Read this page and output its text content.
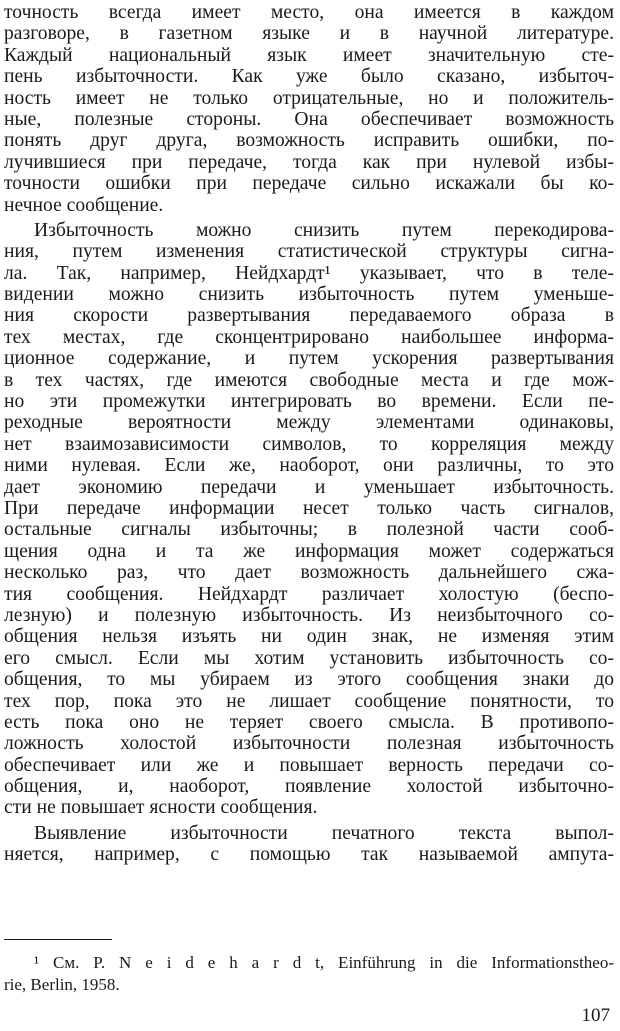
точность всегда имеет место, она имеется в каждом
разговоре, в газетном языке и в научной литературе.
Каждый национальный язык имеет значительную сте-
пень избыточности. Как уже было сказано, избыточ-
ность имеет не только отрицательные, но и положитель-
ные, полезные стороны. Она обеспечивает возможность
понять друг друга, возможность исправить ошибки, по-
лучившиеся при передаче, тогда как при нулевой избы-
точности ошибки при передаче сильно искажали бы ко-
нечное сообщение.
Избыточность можно снизить путем перекодирова-
ния, путем изменения статистической структуры сигна-
ла. Так, например, Нейдхардт¹ указывает, что в теле-
видении можно снизить избыточность путем уменьше-
ния скорости развертывания передаваемого образа в
тех местах, где сконцентрировано наибольшее информа-
ционное содержание, и путем ускорения развертывания
в тех частях, где имеются свободные места и где мож-
но эти промежутки интегрировать во времени. Если пе-
реходные вероятности между элементами одинаковы,
нет взаимозависимости символов, то корреляция между
ними нулевая. Если же, наоборот, они различны, то это
дает экономию передачи и уменьшает избыточность.
При передаче информации несет только часть сигналов,
остальные сигналы избыточны; в полезной части сооб-
щения одна и та же информация может содержаться
несколько раз, что дает возможность дальнейшего сжа-
тия сообщения. Нейдхардт различает холостую (беспо-
лезную) и полезную избыточность. Из неизбыточного со-
общения нельзя изъять ни один знак, не изменяя этим
его смысл. Если мы хотим установить избыточность со-
общения, то мы убираем из этого сообщения знаки до
тех пор, пока это не лишает сообщение понятности, то
есть пока оно не теряет своего смысла. В противопо-
ложность холостой избыточности полезная избыточность
обеспечивает или же и повышает верность передачи со-
общения, и, наоборот, появление холостой избыточно-
сти не повышает ясности сообщения.
Выявление избыточности печатного текста выпол-
няется, например, с помощью так называемой ампута-
¹ См. P. N e i d e h a r d t, Einführung in die Informationstheo-
rie, Berlin, 1958.
107
